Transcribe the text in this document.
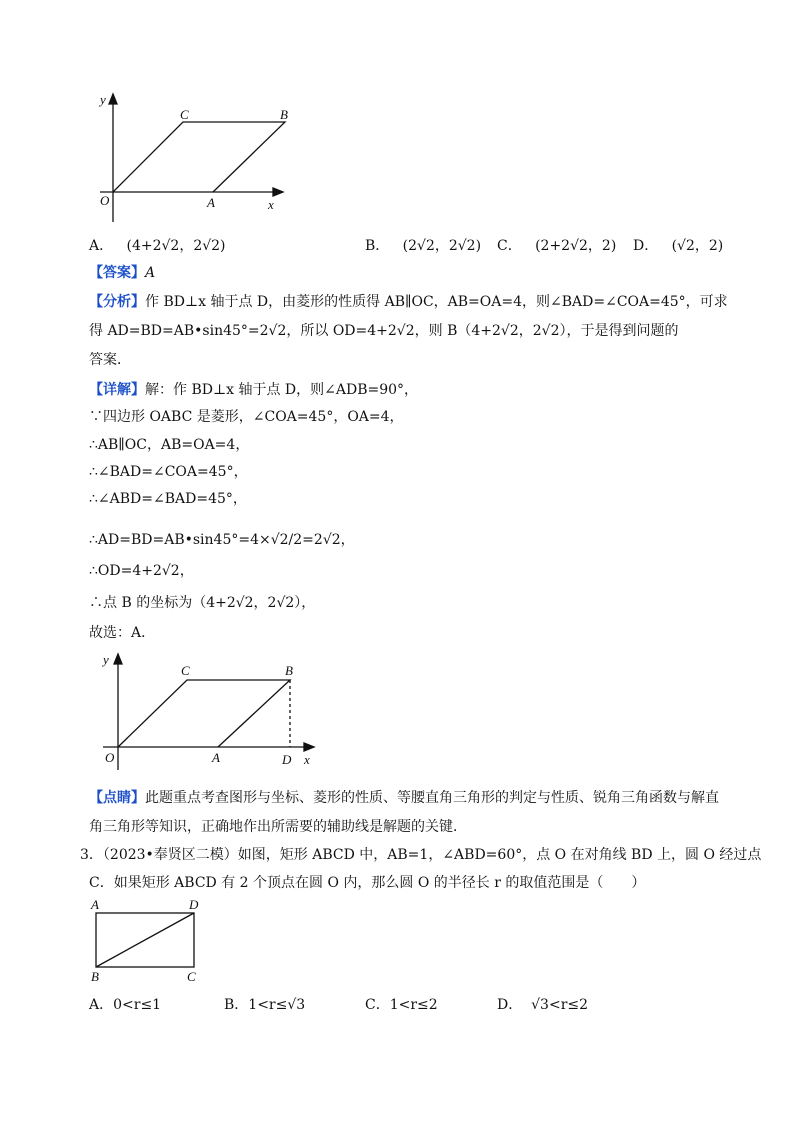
y
x
O	A
B
C
y
x
O	A
B
C
D
A	D
B	C
A． (4+2√2，2√2)	B． (2√2，2√2) C． (2+2√2，2) D． (√2，2)
【答案】A
【分析】作 BD⊥x 轴于点 D，由菱形的性质得 AB∥OC，AB=OA=4，则∠BAD=∠COA=45°，可求
得 AD=BD=AB•sin45°=2√2，所以 OD=4+2√2，则 B（4+2√2，2√2），于是得到问题的
答案．
【详解】解：作 BD⊥x 轴于点 D，则∠ADB=90°，
∵四边形 OABC 是菱形，∠COA=45°，OA=4，
∴AB∥OC，AB=OA=4，
∴∠BAD=∠COA=45°，
∴∠ABD=∠BAD=45°，
∴AD=BD=AB•sin45°=4×√2/2=2√2，
∴OD=4+2√2，
∴点 B 的坐标为（4+2√2，2√2），
故选：A．
【点睛】此题重点考查图形与坐标、菱形的性质、等腰直角三角形的判定与性质、锐角三角函数与解直
角三角形等知识，正确地作出所需要的辅助线是解题的关键．
3．（2023•奉贤区二模）如图，矩形 ABCD 中，AB=1，∠ABD=60°，点 O 在对角线 BD 上，圆 O 经过点
C．如果矩形 ABCD 有 2 个顶点在圆 O 内，那么圆 O 的半径长 r 的取值范围是（　　）
A．0<r≤1	B．1<r≤√3	C．1<r≤2	D． √3<r≤2
